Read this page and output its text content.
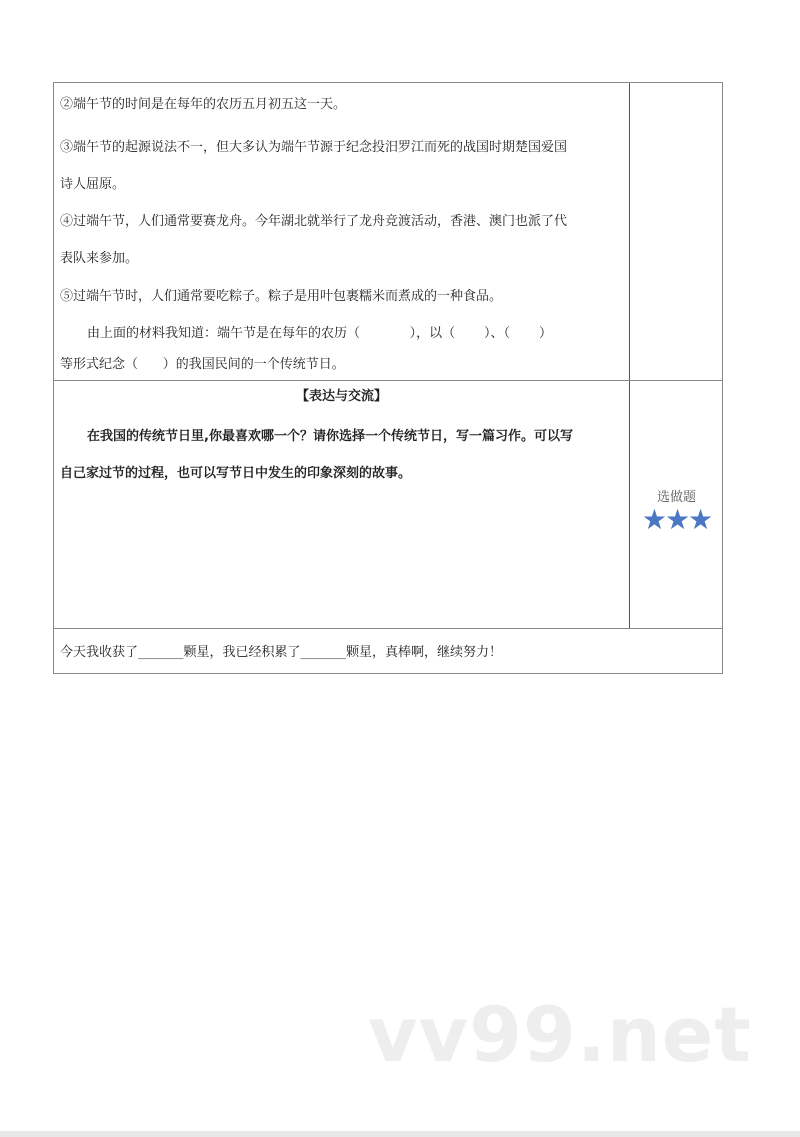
②端午节的时间是在每年的农历五月初五这一天。
③端午节的起源说法不一，但大多认为端午节源于纪念投汨罗江而死的战国时期楚国爱国
诗人屈原。
④过端午节，人们通常要赛龙舟。今年湖北就举行了龙舟竞渡活动，香港、澳门也派了代
表队来参加。
⑤过端午节时，人们通常要吃粽子。粽子是用叶包裹糯米而煮成的一种食品。
由上面的材料我知道：端午节是在每年的农历（            ），以（       ）、（       ）
等形式纪念（      ）的我国民间的一个传统节日。
【表达与交流】
在我国的传统节日里,你最喜欢哪一个？请你选择一个传统节日，写一篇习作。可以写
自己家过节的过程，也可以写节日中发生的印象深刻的故事。
选做题
★★★
今天我收获了_______颗星，我已经积累了_______颗星，真棒啊，继续努力！
vv99.net
